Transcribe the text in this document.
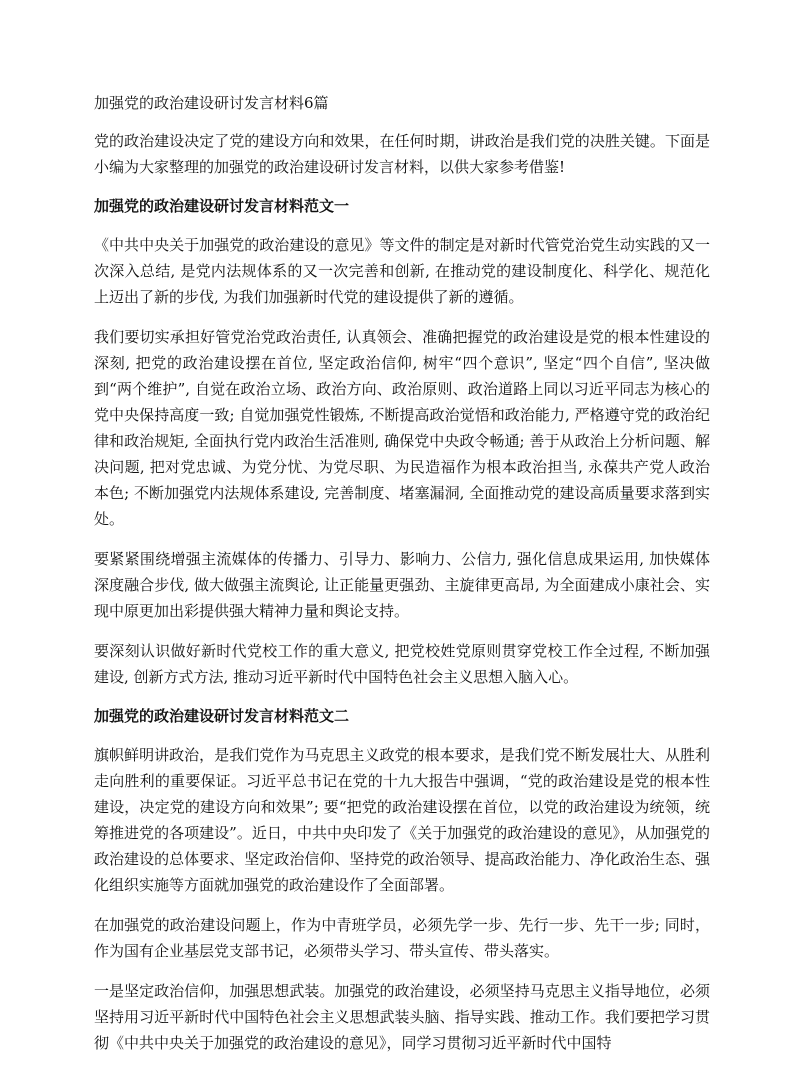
加强党的政治建设研讨发言材料6篇

党的政治建设决定了党的建设方向和效果，在任何时期，讲政治是我们党的决胜关键。下面是小编为大家整理的加强党的政治建设研讨发言材料，以供大家参考借鉴!

加强党的政治建设研讨发言材料范文一

《中共中央关于加强党的政治建设的意见》等文件的制定是对新时代管党治党生动实践的又一次深入总结, 是党内法规体系的又一次完善和创新, 在推动党的建设制度化、科学化、规范化上迈出了新的步伐, 为我们加强新时代党的建设提供了新的遵循。

我们要切实承担好管党治党政治责任, 认真领会、准确把握党的政治建设是党的根本性建设的深刻, 把党的政治建设摆在首位, 坚定政治信仰, 树牢“四个意识”, 坚定“四个自信”, 坚决做到“两个维护”, 自觉在政治立场、政治方向、政治原则、政治道路上同以习近平同志为核心的党中央保持高度一致; 自觉加强党性锻炼, 不断提高政治觉悟和政治能力, 严格遵守党的政治纪律和政治规矩, 全面执行党内政治生活准则, 确保党中央政令畅通; 善于从政治上分析问题、解决问题, 把对党忠诚、为党分忧、为党尽职、为民造福作为根本政治担当, 永葆共产党人政治本色; 不断加强党内法规体系建设, 完善制度、堵塞漏洞, 全面推动党的建设高质量要求落到实处。

要紧紧围绕增强主流媒体的传播力、引导力、影响力、公信力, 强化信息成果运用, 加快媒体深度融合步伐, 做大做强主流舆论, 让正能量更强劲、主旋律更高昂, 为全面建成小康社会、实现中原更加出彩提供强大精神力量和舆论支持。

要深刻认识做好新时代党校工作的重大意义, 把党校姓党原则贯穿党校工作全过程, 不断加强建设, 创新方式方法, 推动习近平新时代中国特色社会主义思想入脑入心。

加强党的政治建设研讨发言材料范文二

旗帜鲜明讲政治，是我们党作为马克思主义政党的根本要求，是我们党不断发展壮大、从胜利走向胜利的重要保证。习近平总书记在党的十九大报告中强调，“党的政治建设是党的根本性建设，决定党的建设方向和效果”; 要“把党的政治建设摆在首位，以党的政治建设为统领，统筹推进党的各项建设”。近日，中共中央印发了《关于加强党的政治建设的意见》，从加强党的政治建设的总体要求、坚定政治信仰、坚持党的政治领导、提高政治能力、净化政治生态、强化组织实施等方面就加强党的政治建设作了全面部署。

在加强党的政治建设问题上，作为中青班学员，必须先学一步、先行一步、先干一步; 同时，作为国有企业基层党支部书记，必须带头学习、带头宣传、带头落实。

一是坚定政治信仰，加强思想武装。加强党的政治建设，必须坚持马克思主义指导地位，必须坚持用习近平新时代中国特色社会主义思想武装头脑、指导实践、推动工作。我们要把学习贯彻《中共中央关于加强党的政治建设的意见》，同学习贯彻习近平新时代中国特
